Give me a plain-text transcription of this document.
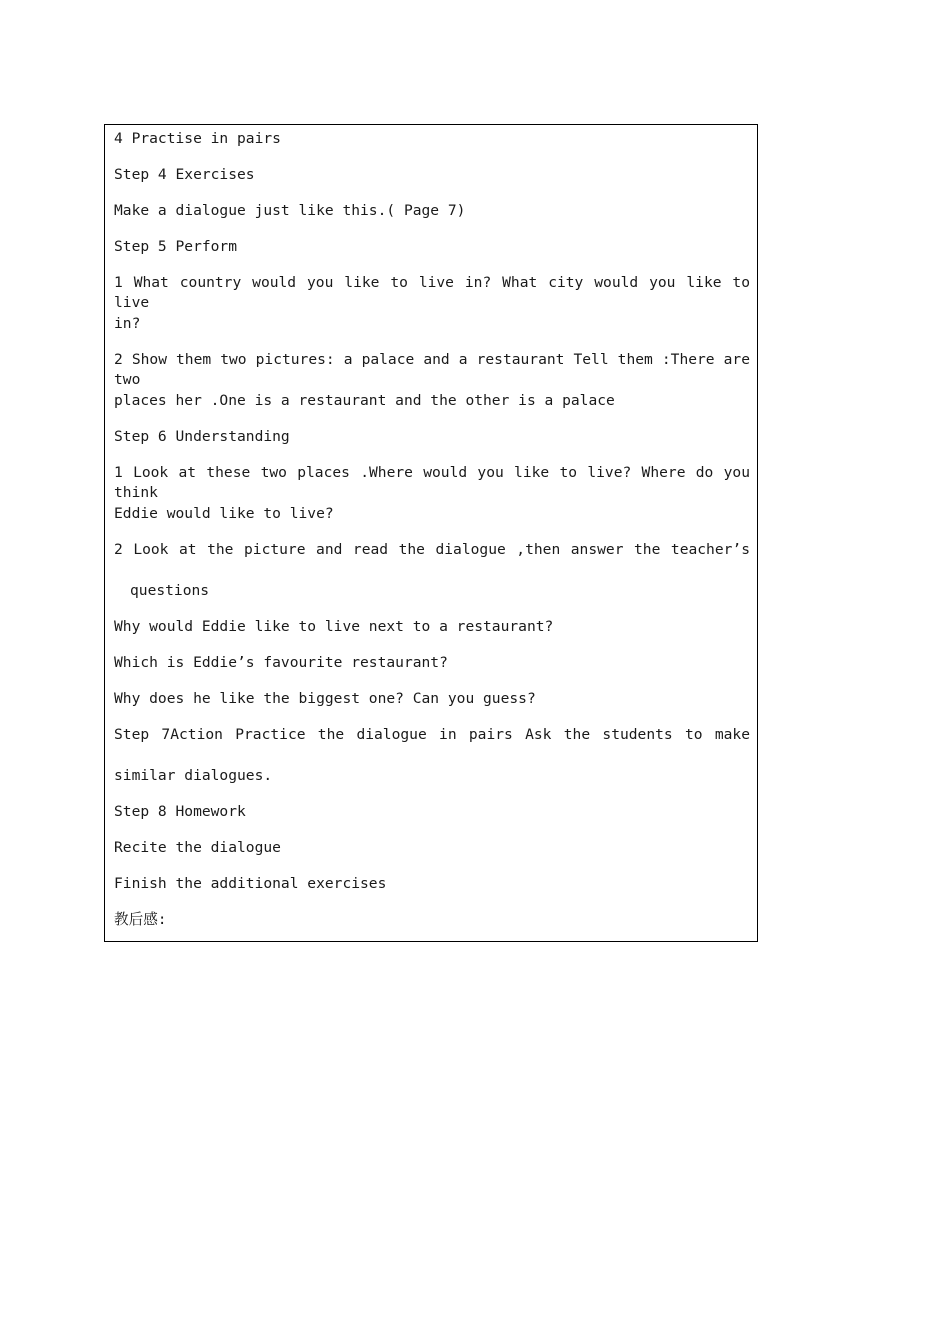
4 Practise in pairs
Step 4 Exercises
Make a dialogue just like this.( Page 7)
Step 5 Perform
1 What country would you like to live in? What city would you like to live
in?
2 Show them two pictures: a palace and a restaurant Tell them :There are two
places her .One is a restaurant and the other is a palace
Step 6 Understanding
1 Look at these two places .Where would you like to live? Where do you think
Eddie would like to live?
2 Look at the picture and read the dialogue ,then answer the teacher’s
questions
Why would Eddie like to live next to a restaurant?
Which is Eddie’s favourite restaurant?
Why does he like the biggest one? Can you guess?
Step 7Action Practice the dialogue in pairs Ask the students to make
similar dialogues.
Step 8 Homework
Recite the dialogue
Finish the additional exercises
教后感:
